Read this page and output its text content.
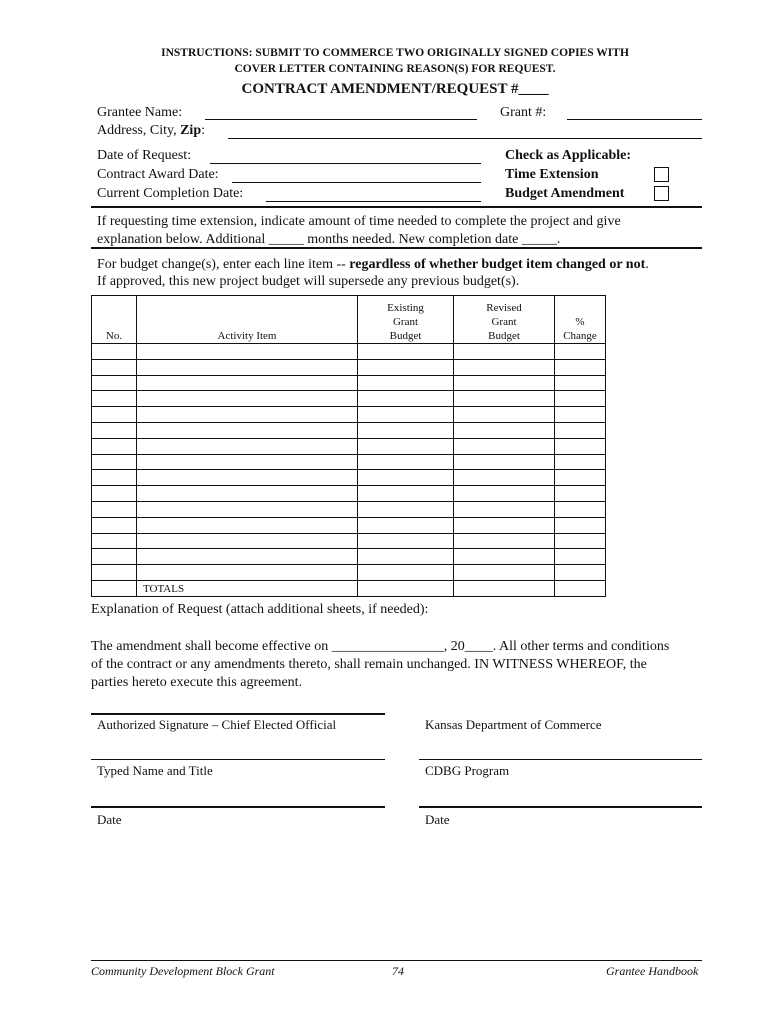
INSTRUCTIONS: SUBMIT TO COMMERCE TWO ORIGINALLY SIGNED COPIES WITH
COVER LETTER CONTAINING REASON(S) FOR REQUEST.
CONTRACT AMENDMENT/REQUEST #____
Grantee Name:	Grant #:
Address, City, Zip:
Date of Request:
Contract Award Date:
Current Completion Date:
Check as Applicable:
Time Extension
Budget Amendment
If requesting time extension, indicate amount of time needed to complete the project and give
explanation below. Additional _____ months needed. New completion date _____.
For budget change(s), enter each line item -- regardless of whether budget item changed or not.
If approved, this new project budget will supersede any previous budget(s).
No.	Activity Item	Existing
Grant
Budget	Revised
Grant
Budget	%
Change

	TOTALS			
Explanation of Request (attach additional sheets, if needed):
The amendment shall become effective on ________________, 20____. All other terms and conditions
of the contract or any amendments thereto, shall remain unchanged. IN WITNESS WHEREOF, the
parties hereto execute this agreement.
Authorized Signature – Chief Elected Official
Typed Name and Title
Date
Kansas Department of Commerce
CDBG Program
Date
Community Development Block Grant	74	Grantee Handbook
